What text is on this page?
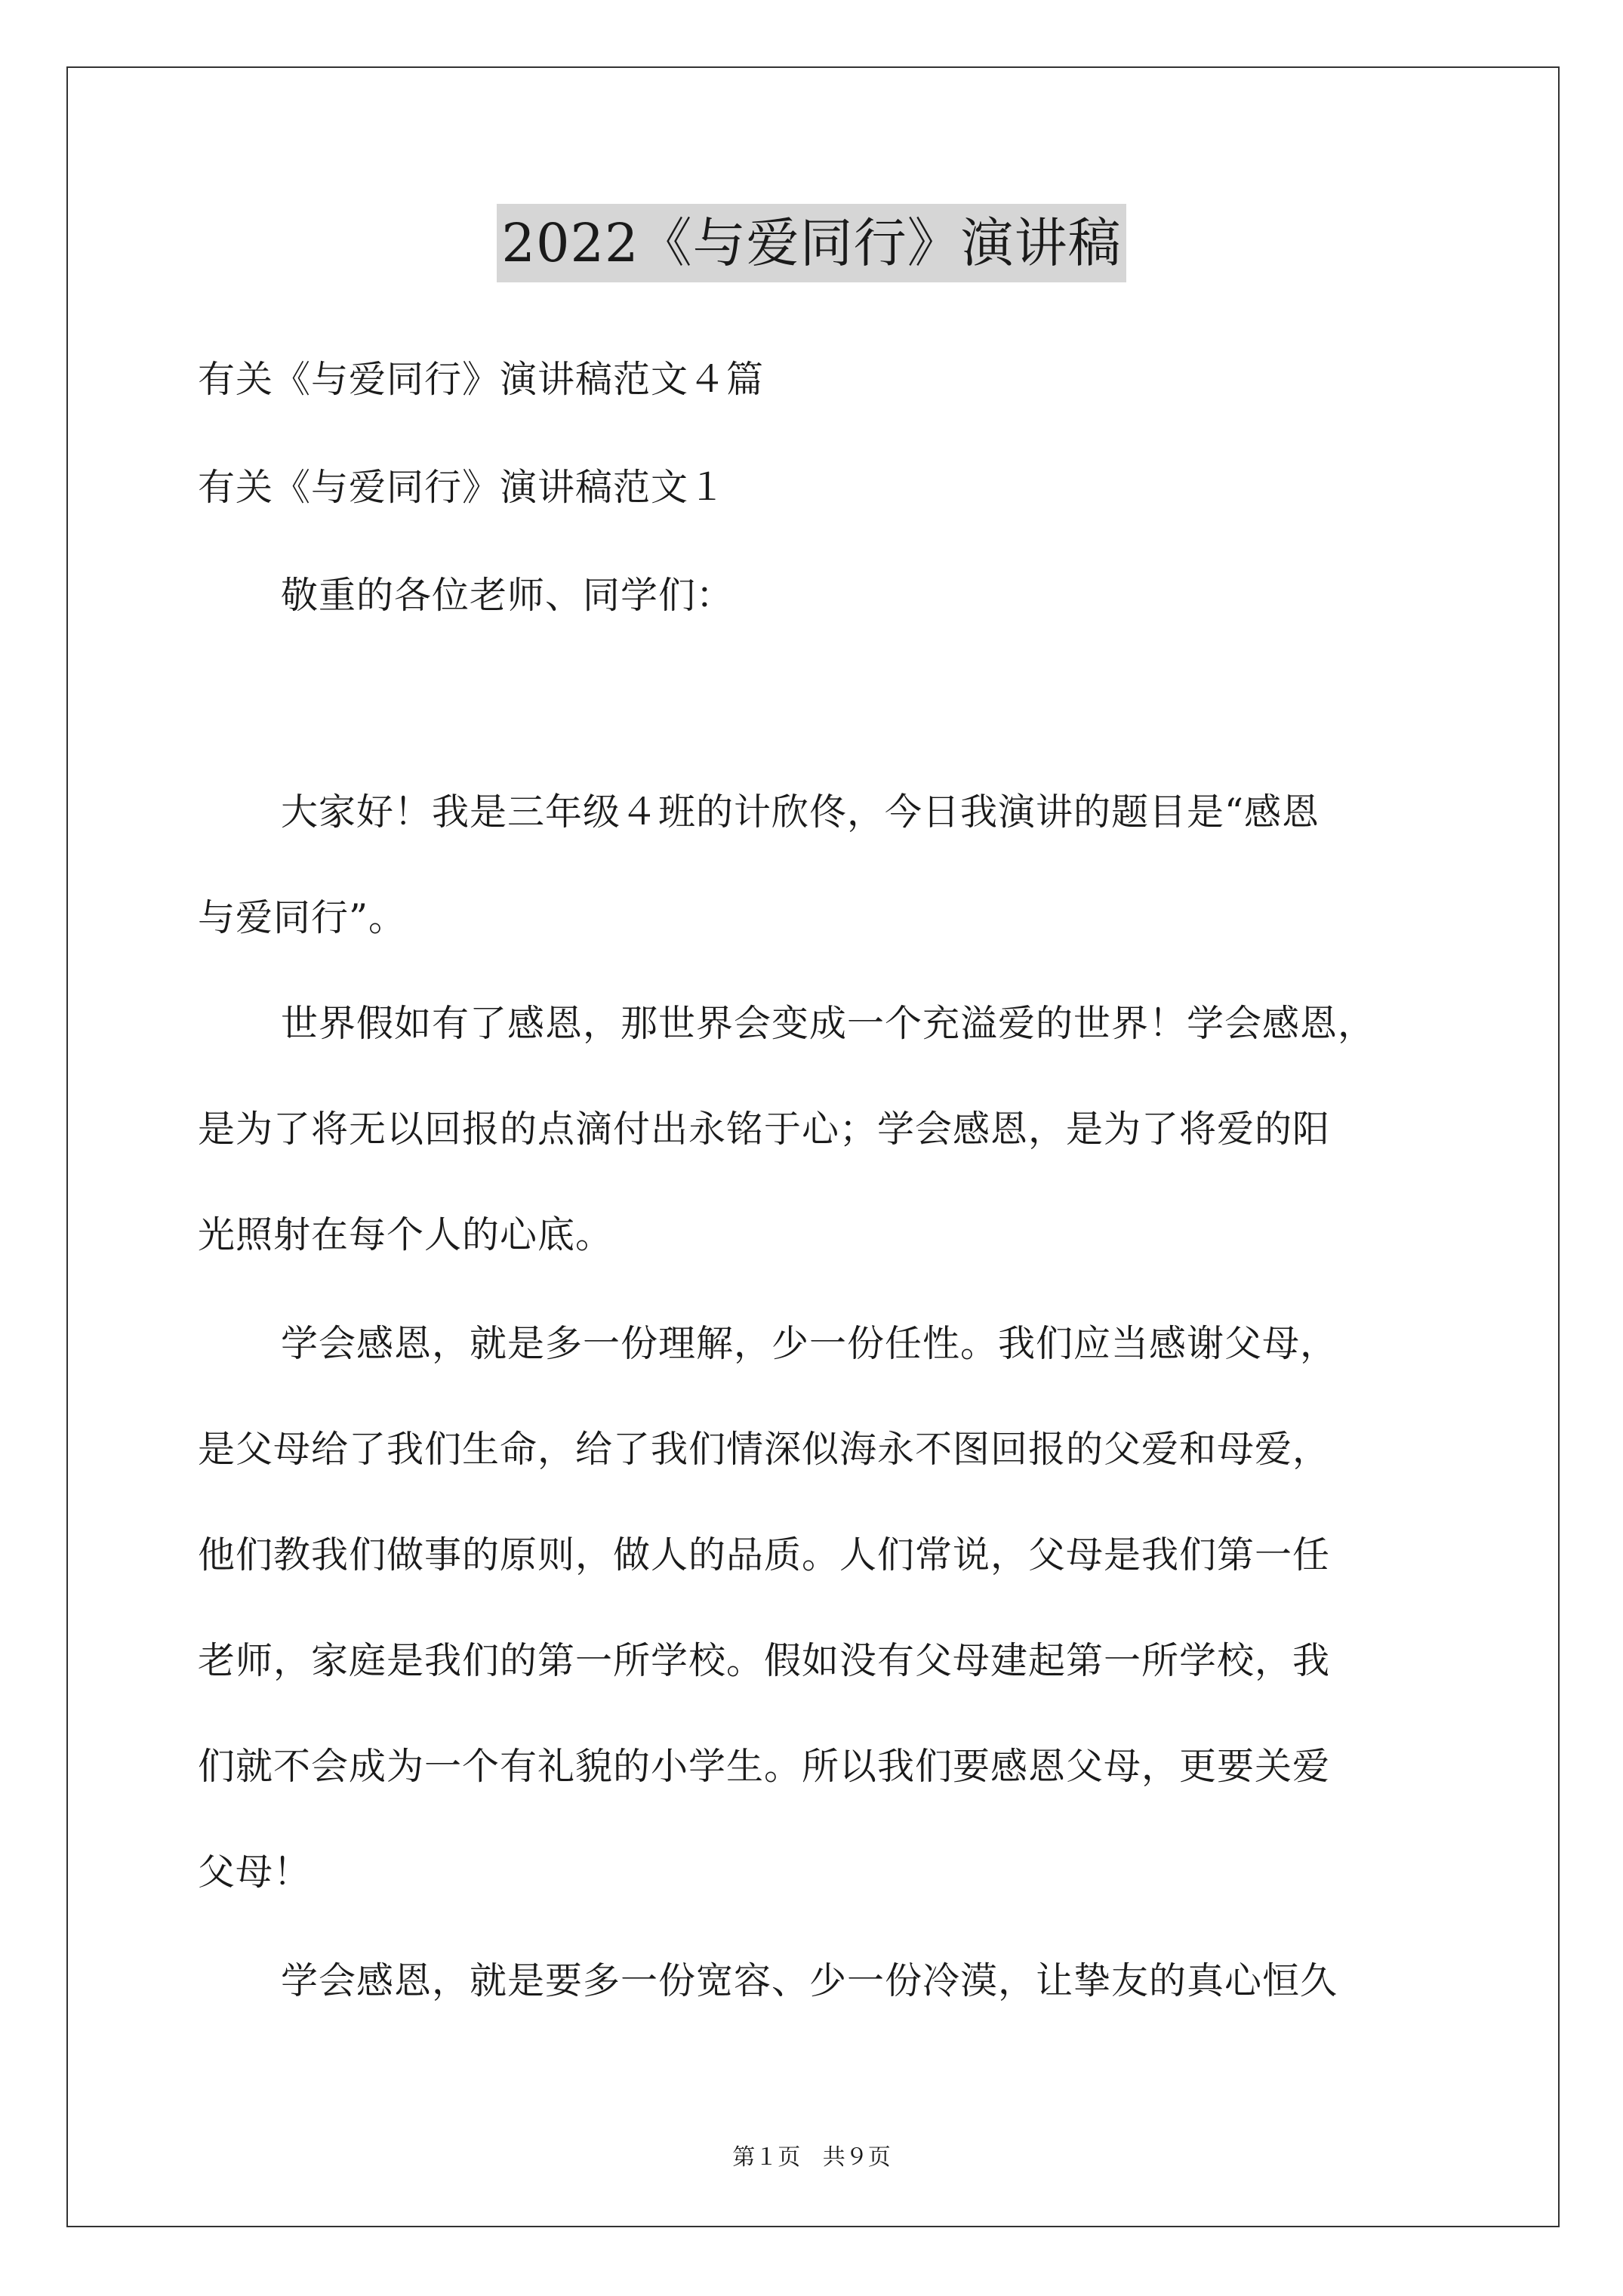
2022《与爱同行》演讲稿
有关《与爱同行》演讲稿范文４篇
有关《与爱同行》演讲稿范文１
敬重的各位老师、同学们：
大家好！我是三年级４班的计欣佟，今日我演讲的题目是“感恩
与爱同行”。
世界假如有了感恩，那世界会变成一个充溢爱的世界！学会感恩，
是为了将无以回报的点滴付出永铭于心；学会感恩，是为了将爱的阳
光照射在每个人的心底。
学会感恩，就是多一份理解，少一份任性。我们应当感谢父母，
是父母给了我们生命，给了我们情深似海永不图回报的父爱和母爱，
他们教我们做事的原则，做人的品质。人们常说，父母是我们第一任
老师，家庭是我们的第一所学校。假如没有父母建起第一所学校，我
们就不会成为一个有礼貌的小学生。所以我们要感恩父母，更要关爱
父母！
学会感恩，就是要多一份宽容、少一份冷漠，让挚友的真心恒久
第１页 共９页
